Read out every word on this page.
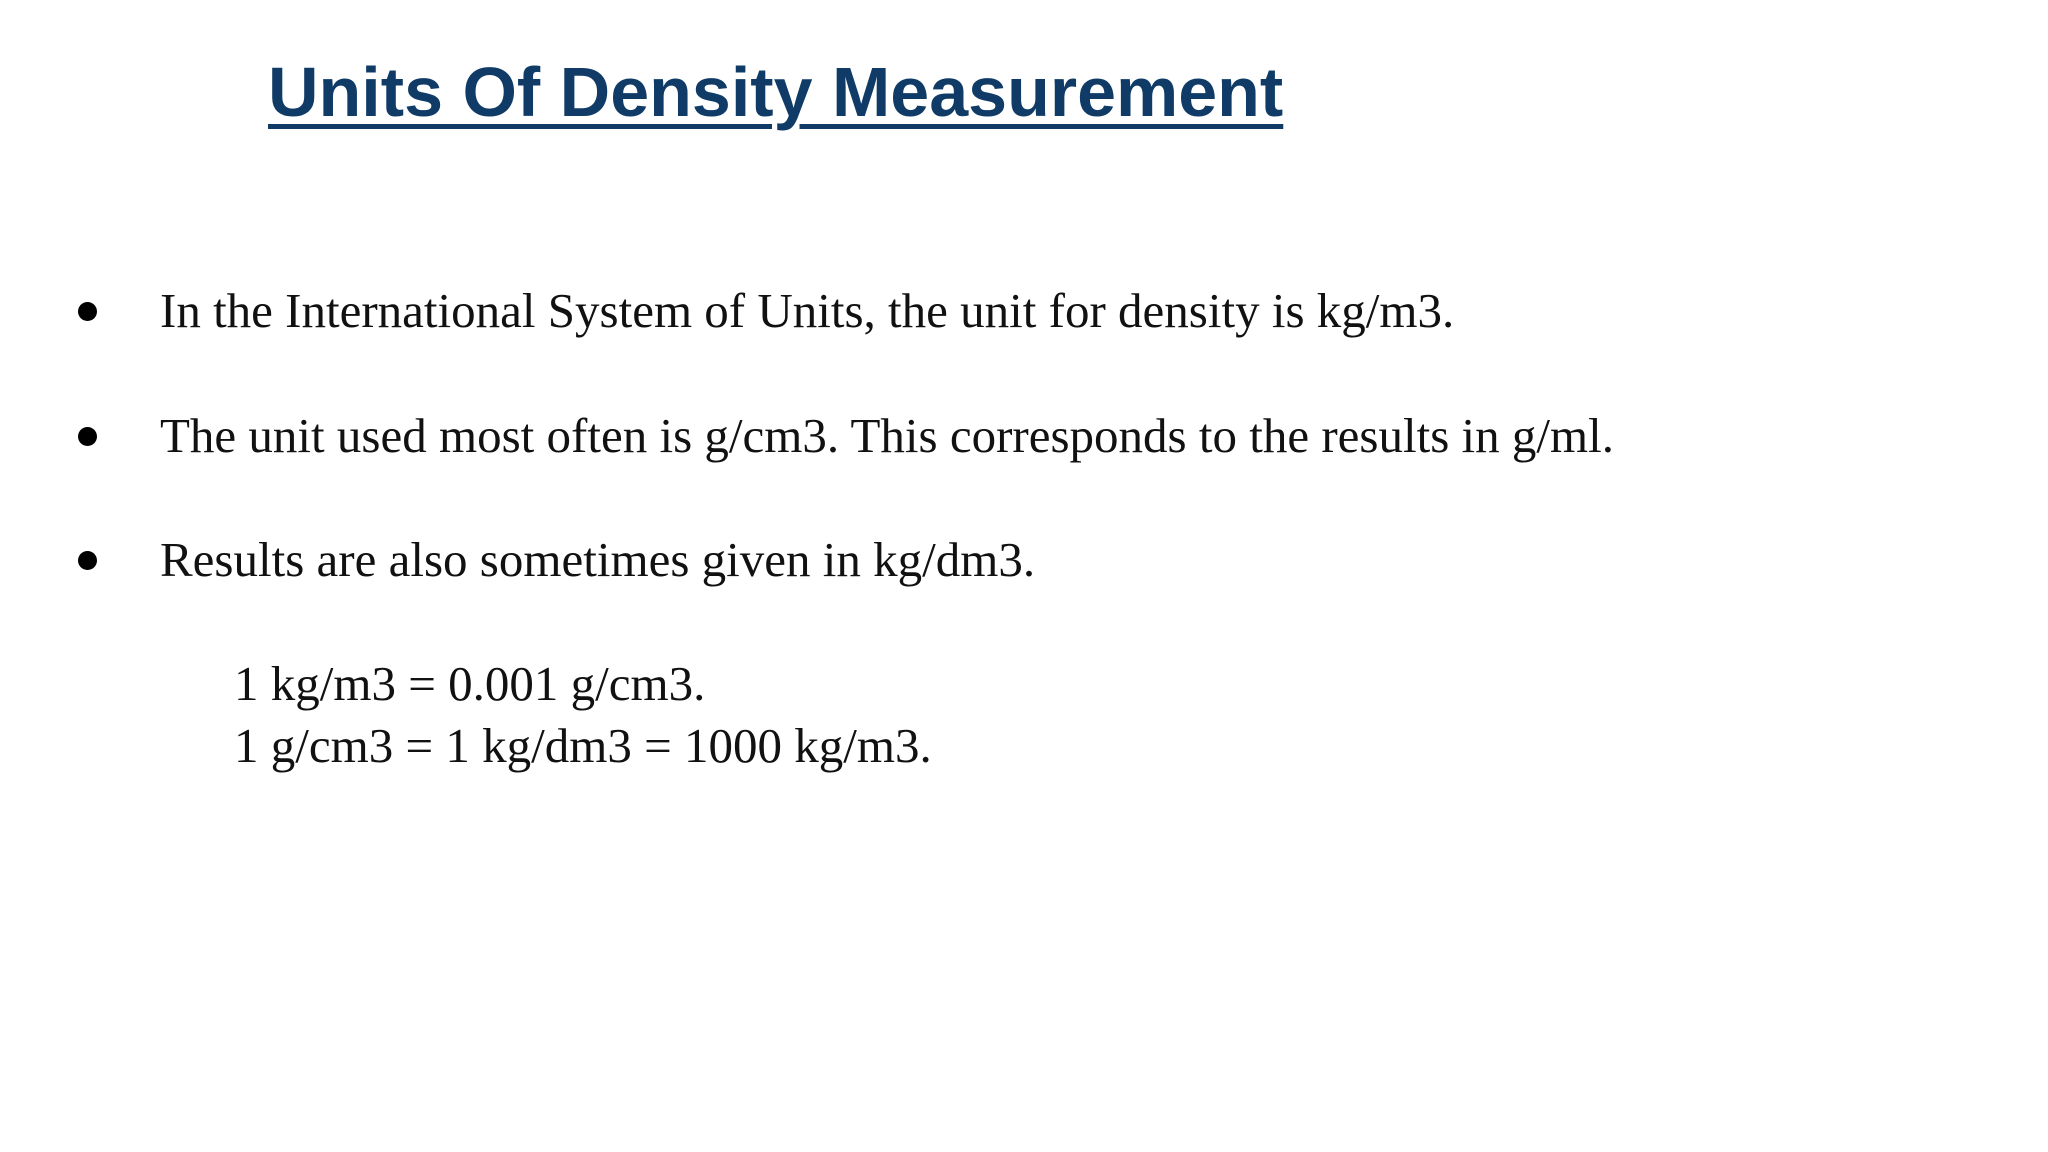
Units Of Density Measurement
In the International System of Units, the unit for density is kg/m3.
The unit used most often is g/cm3. This corresponds to the results in g/ml.
Results are also sometimes given in kg/dm3.

1 kg/m3 = 0.001 g/cm3.

1 g/cm3 = 1 kg/dm3 = 1000 kg/m3.
